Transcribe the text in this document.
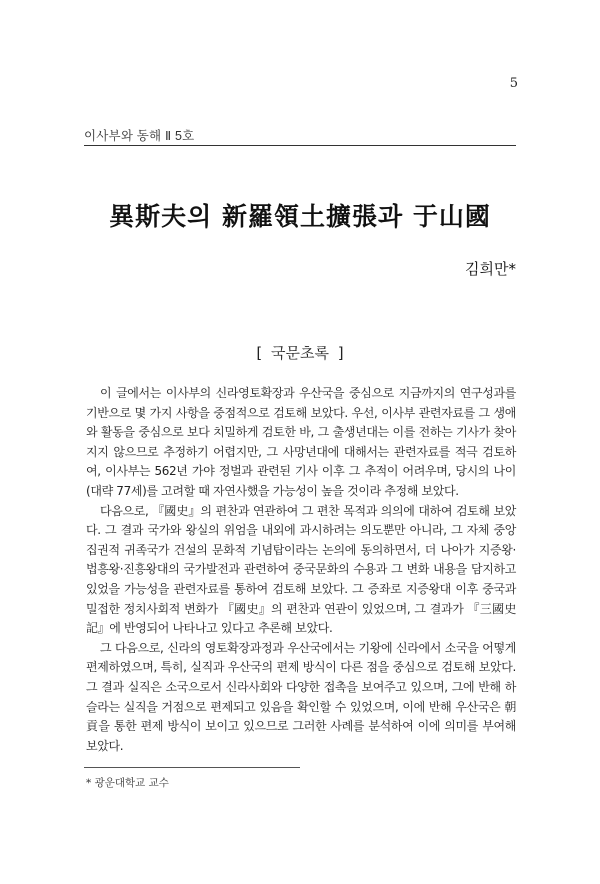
5
이사부와 동해 Ⅱ 5호
異斯夫의 新羅領土擴張과 于山國
김희만*
[ 국문초록 ]

이 글에서는 이사부의 신라영토확장과 우산국을 중심으로 지금까지의 연구성과를 기반으로 몇 가지 사항을 중점적으로 검토해 보았다. 우선, 이사부 관련자료를 그 생애와 활동을 중심으로 보다 치밀하게 검토한 바, 그 출생년대는 이를 전하는 기사가 찾아지지 않으므로 추정하기 어렵지만, 그 사망년대에 대해서는 관련자료를 적극 검토하여, 이사부는 562년 가야 정벌과 관련된 기사 이후 그 추적이 어려우며, 당시의 나이(대략 77세)를 고려할 때 자연사했을 가능성이 높을 것이라 추정해 보았다.

다음으로, 『國史』의 편찬과 연관하여 그 편찬 목적과 의의에 대하여 검토해 보았다. 그 결과 국가와 왕실의 위엄을 내외에 과시하려는 의도뿐만 아니라, 그 자체 중앙집권적 귀족국가 건설의 문화적 기념탑이라는 논의에 동의하면서, 더 나아가 지증왕·법흥왕·진흥왕대의 국가발전과 관련하여 중국문화의 수용과 그 변화 내용을 담지하고 있었을 가능성을 관련자료를 통하여 검토해 보았다. 그 증좌로 지증왕대 이후 중국과 밀접한 정치사회적 변화가 『國史』의 편찬과 연관이 있었으며, 그 결과가 『三國史記』에 반영되어 나타나고 있다고 추론해 보았다.

그 다음으로, 신라의 영토확장과정과 우산국에서는 기왕에 신라에서 소국을 어떻게 편제하였으며, 특히, 실직과 우산국의 편제 방식이 다른 점을 중심으로 검토해 보았다. 그 결과 실직은 소국으로서 신라사회와 다양한 접촉을 보여주고 있으며, 그에 반해 하슬라는 실직을 거점으로 편제되고 있음을 확인할 수 있었으며, 이에 반해 우산국은 朝貢을 통한 편제 방식이 보이고 있으므로 그러한 사례를 분석하여 이에 의미를 부여해 보았다.

* 광운대학교 교수
